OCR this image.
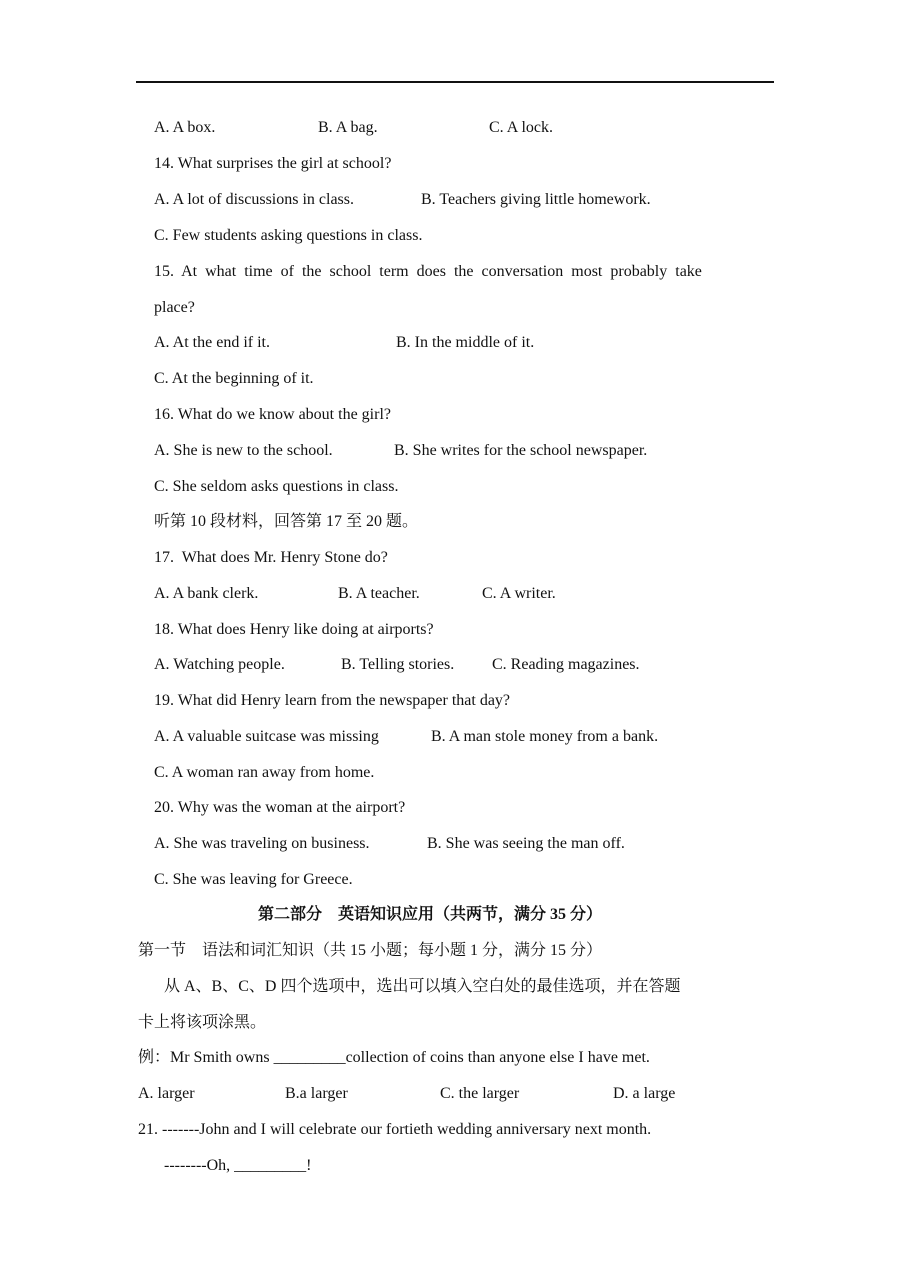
A. A box.	B. A bag.	C. A lock.
14. What surprises the girl at school?
A. A lot of discussions in class.	B. Teachers giving little homework.
C. Few students asking questions in class.
15. At what time of the school term does the conversation most probably take
place?
A. At the end if it.	B. In the middle of it.
C. At the beginning of it.
16. What do we know about the girl?
A. She is new to the school.	B. She writes for the school newspaper.
C. She seldom asks questions in class.
听第 10 段材料，回答第 17 至 20 题。
17.  What does Mr. Henry Stone do?
A. A bank clerk.	B. A teacher.	C. A writer.
18. What does Henry like doing at airports?
A. Watching people.	B. Telling stories. C. Reading magazines.
19. What did Henry learn from the newspaper that day?
A. A valuable suitcase was missing	B. A man stole money from a bank.
C. A woman ran away from home.
20. Why was the woman at the airport?
A. She was traveling on business.	B. She was seeing the man off.
C. She was leaving for Greece.
第二部分    英语知识应用（共两节，满分 35 分）
第一节    语法和词汇知识（共 15 小题；每小题 1 分，满分 15 分）
从 A、B、C、D 四个选项中，选出可以填入空白处的最佳选项，并在答题
卡上将该项涂黑。
例：Mr Smith owns _________collection of coins than anyone else I have met.
A. larger	B.a larger	C. the larger	D. a large
21. -------John and I will celebrate our fortieth wedding anniversary next month.
--------Oh, _________!
